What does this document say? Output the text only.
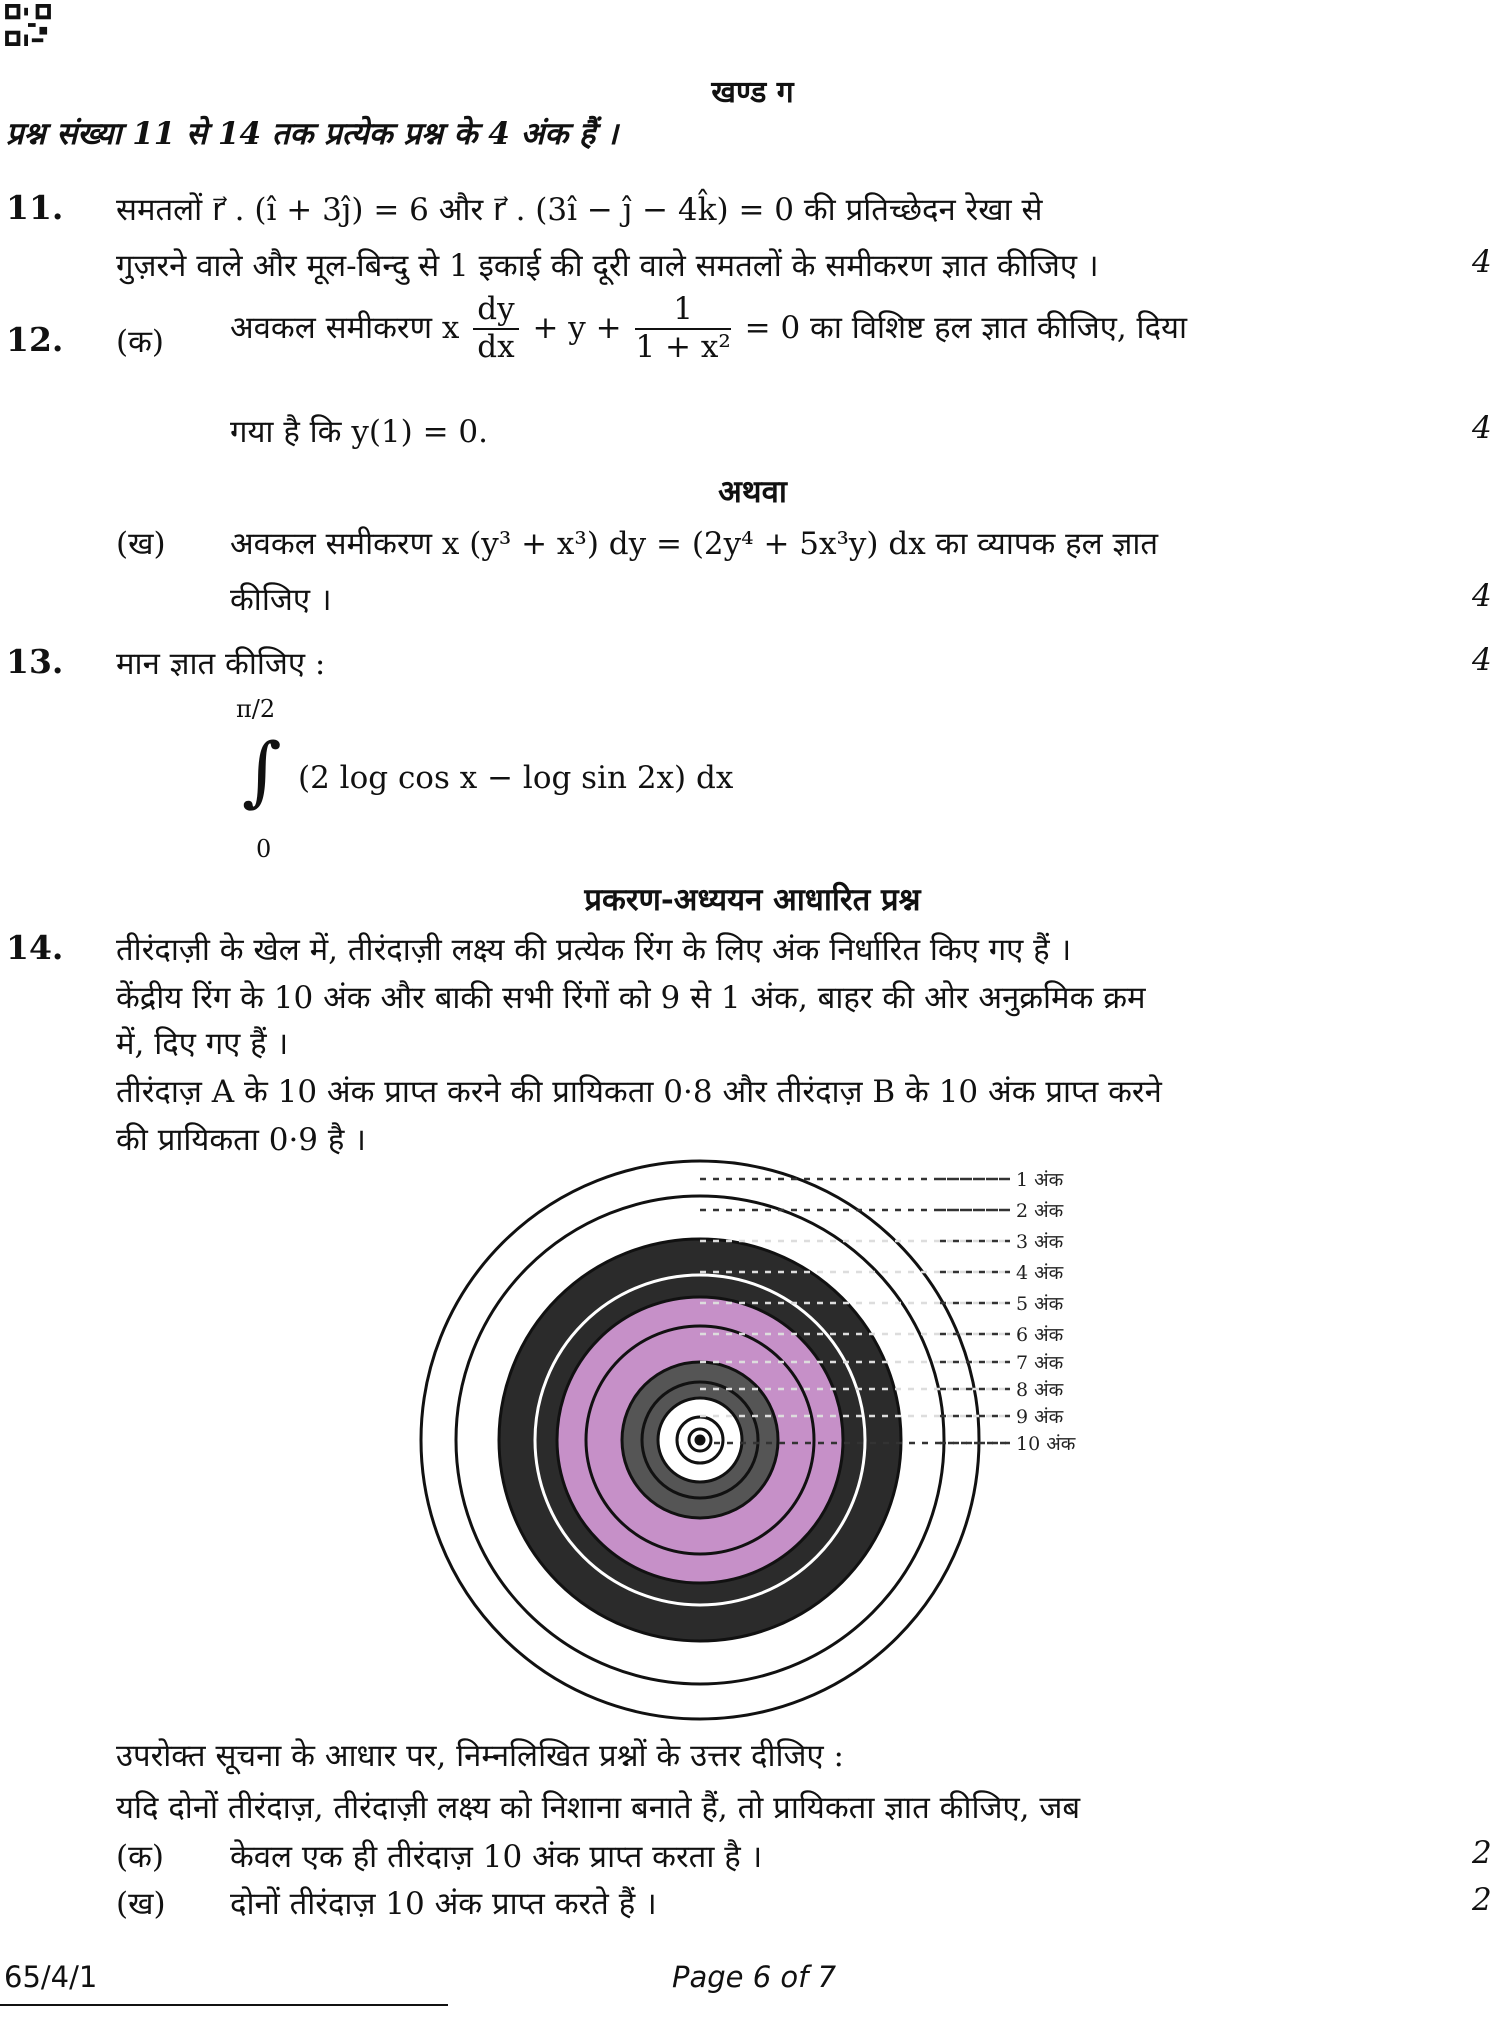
खण्ड ग
प्रश्न संख्या 11 से 14 तक प्रत्येक प्रश्न के 4 अंक हैं ।
11. समतलों r⃗ . (î + 3ĵ) = 6 और r⃗ . (3î − ĵ − 4k̂) = 0 की प्रतिच्छेदन रेखा से
गुज़रने वाले और मूल-बिन्दु से 1 इकाई की दूरी वाले समतलों के समीकरण ज्ञात कीजिए ।	4
12. (क) अवकल समीकरण x $\frac{dy}{dx} + y + \frac{1}{\text{1 + x²}} = 0$ का विशिष्ट हल ज्ञात कीजिए, दिया
गया है कि y(1) = 0.	4
अथवा
(ख) अवकल समीकरण x (y³ + x³) dy = (2y⁴ + 5x³y) dx का व्यापक हल ज्ञात
कीजिए ।	4
13. मान ज्ञात कीजिए :	4
π/2
∫
0
(2 log cos x − log sin 2x) dx
प्रकरण-अध्ययन आधारित प्रश्न
14. तीरंदाज़ी के खेल में, तीरंदाज़ी लक्ष्य की प्रत्येक रिंग के लिए अंक निर्धारित किए गए हैं ।
केंद्रीय रिंग के 10 अंक और बाकी सभी रिंगों को 9 से 1 अंक, बाहर की ओर अनुक्रमिक क्रम
में, दिए गए हैं ।
तीरंदाज़ A के 10 अंक प्राप्त करने की प्रायिकता 0·8 और तीरंदाज़ B के 10 अंक प्राप्त करने
की प्रायिकता 0·9 है ।
1 अंक
2 अंक
3 अंक
4 अंक
5 अंक
6 अंक
7 अंक
8 अंक
9 अंक
10 अंक
उपरोक्त सूचना के आधार पर, निम्नलिखित प्रश्नों के उत्तर दीजिए :
यदि दोनों तीरंदाज़, तीरंदाज़ी लक्ष्य को निशाना बनाते हैं, तो प्रायिकता ज्ञात कीजिए, जब
(क) केवल एक ही तीरंदाज़ 10 अंक प्राप्त करता है ।	2
(ख) दोनों तीरंदाज़ 10 अंक प्राप्त करते हैं ।	2
65/4/1	Page 6 of 7
